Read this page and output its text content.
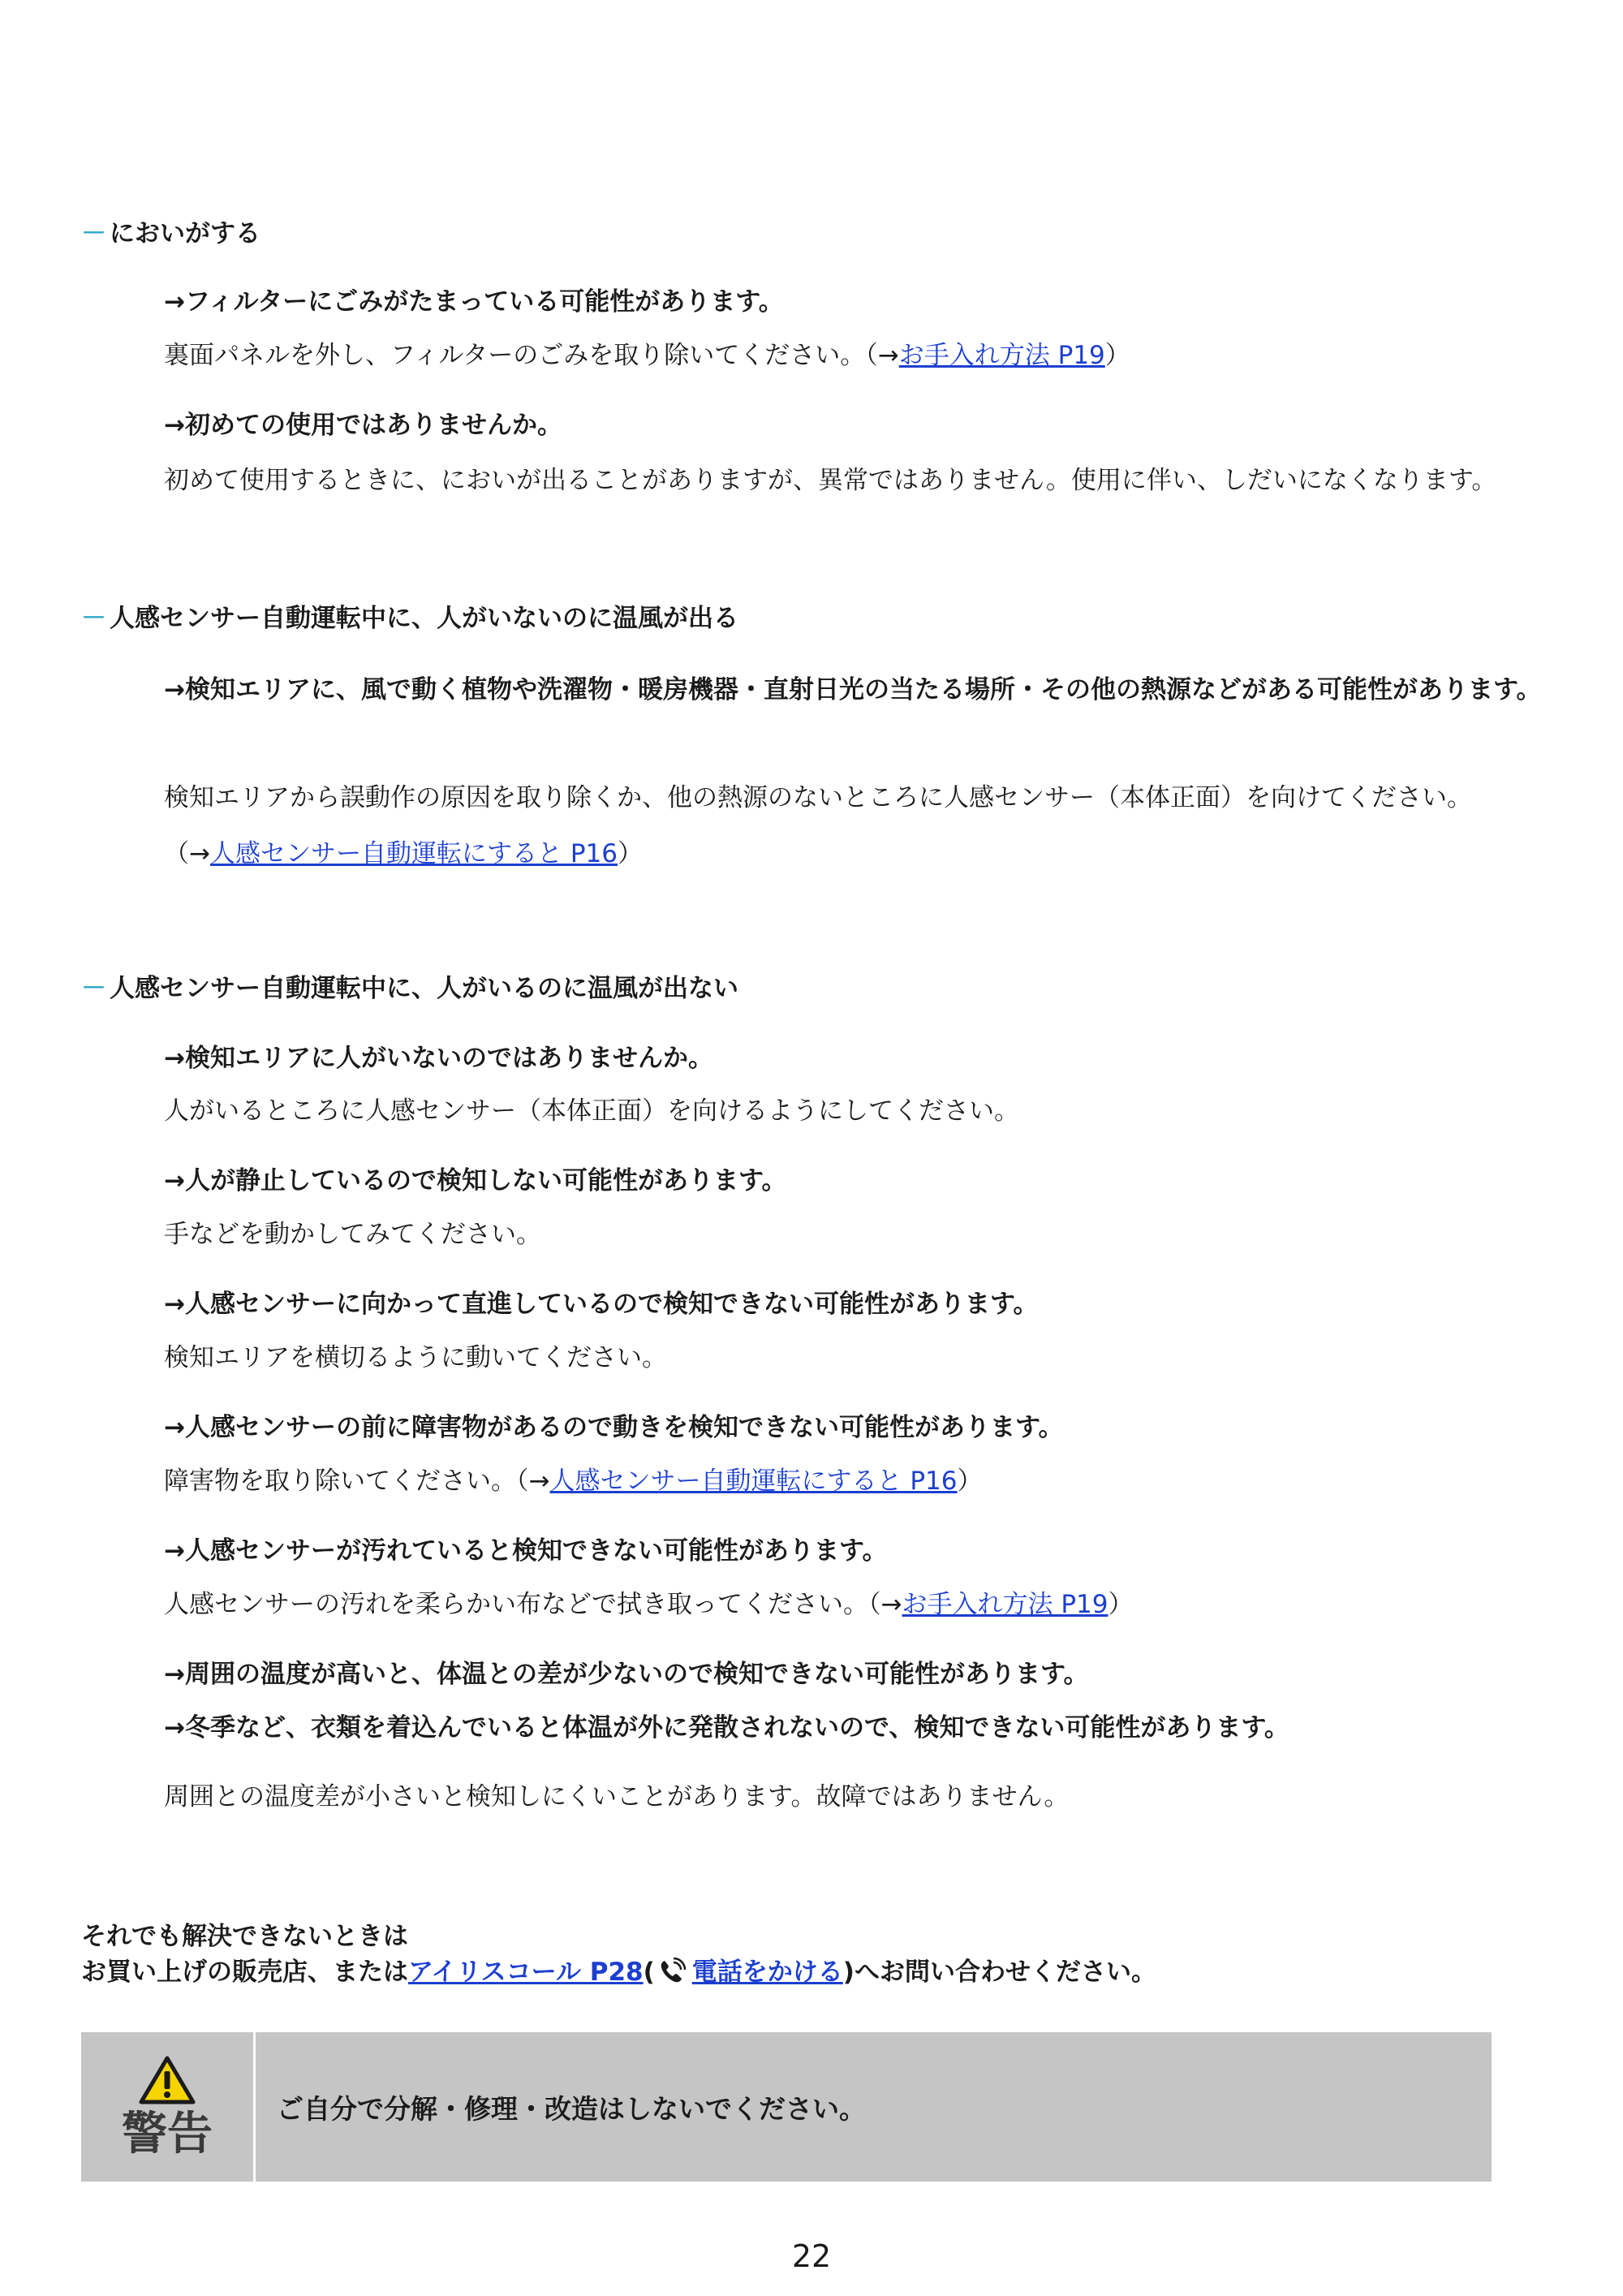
－ においがする
→フィルターにごみがたまっている可能性があります。
裏面パネルを外し、フィルターのごみを取り除いてください。（→お手入れ方法 P19）
→初めての使用ではありませんか。
初めて使用するときに、においが出ることがありますが、異常ではありません。使用に伴い、しだいになくなります。
－ 人感センサー自動運転中に、人がいないのに温風が出る
→検知エリアに、風で動く植物や洗濯物・暖房機器・直射日光の当たる場所・その他の熱源などがある可能性があります。
検知エリアから誤動作の原因を取り除くか、他の熱源のないところに人感センサー（本体正面）を向けてください。
（→人感センサー自動運転にすると P16）
－ 人感センサー自動運転中に、人がいるのに温風が出ない
→検知エリアに人がいないのではありませんか。
人がいるところに人感センサー（本体正面）を向けるようにしてください。
→人が静止しているので検知しない可能性があります。
手などを動かしてみてください。
→人感センサーに向かって直進しているので検知できない可能性があります。
検知エリアを横切るように動いてください。
→人感センサーの前に障害物があるので動きを検知できない可能性があります。
障害物を取り除いてください。（→人感センサー自動運転にすると P16）
→人感センサーが汚れていると検知できない可能性があります。
人感センサーの汚れを柔らかい布などで拭き取ってください。（→お手入れ方法 P19）
→周囲の温度が高いと、体温との差が少ないので検知できない可能性があります。
→冬季など、衣類を着込んでいると体温が外に発散されないので、検知できない可能性があります。
周囲との温度差が小さいと検知しにくいことがあります。故障ではありません。
それでも解決できないときは
お買い上げの販売店、またはアイリスコール P28( 電話をかける)へお問い合わせください。
警告	ご自分で分解・修理・改造はしないでください。
22
